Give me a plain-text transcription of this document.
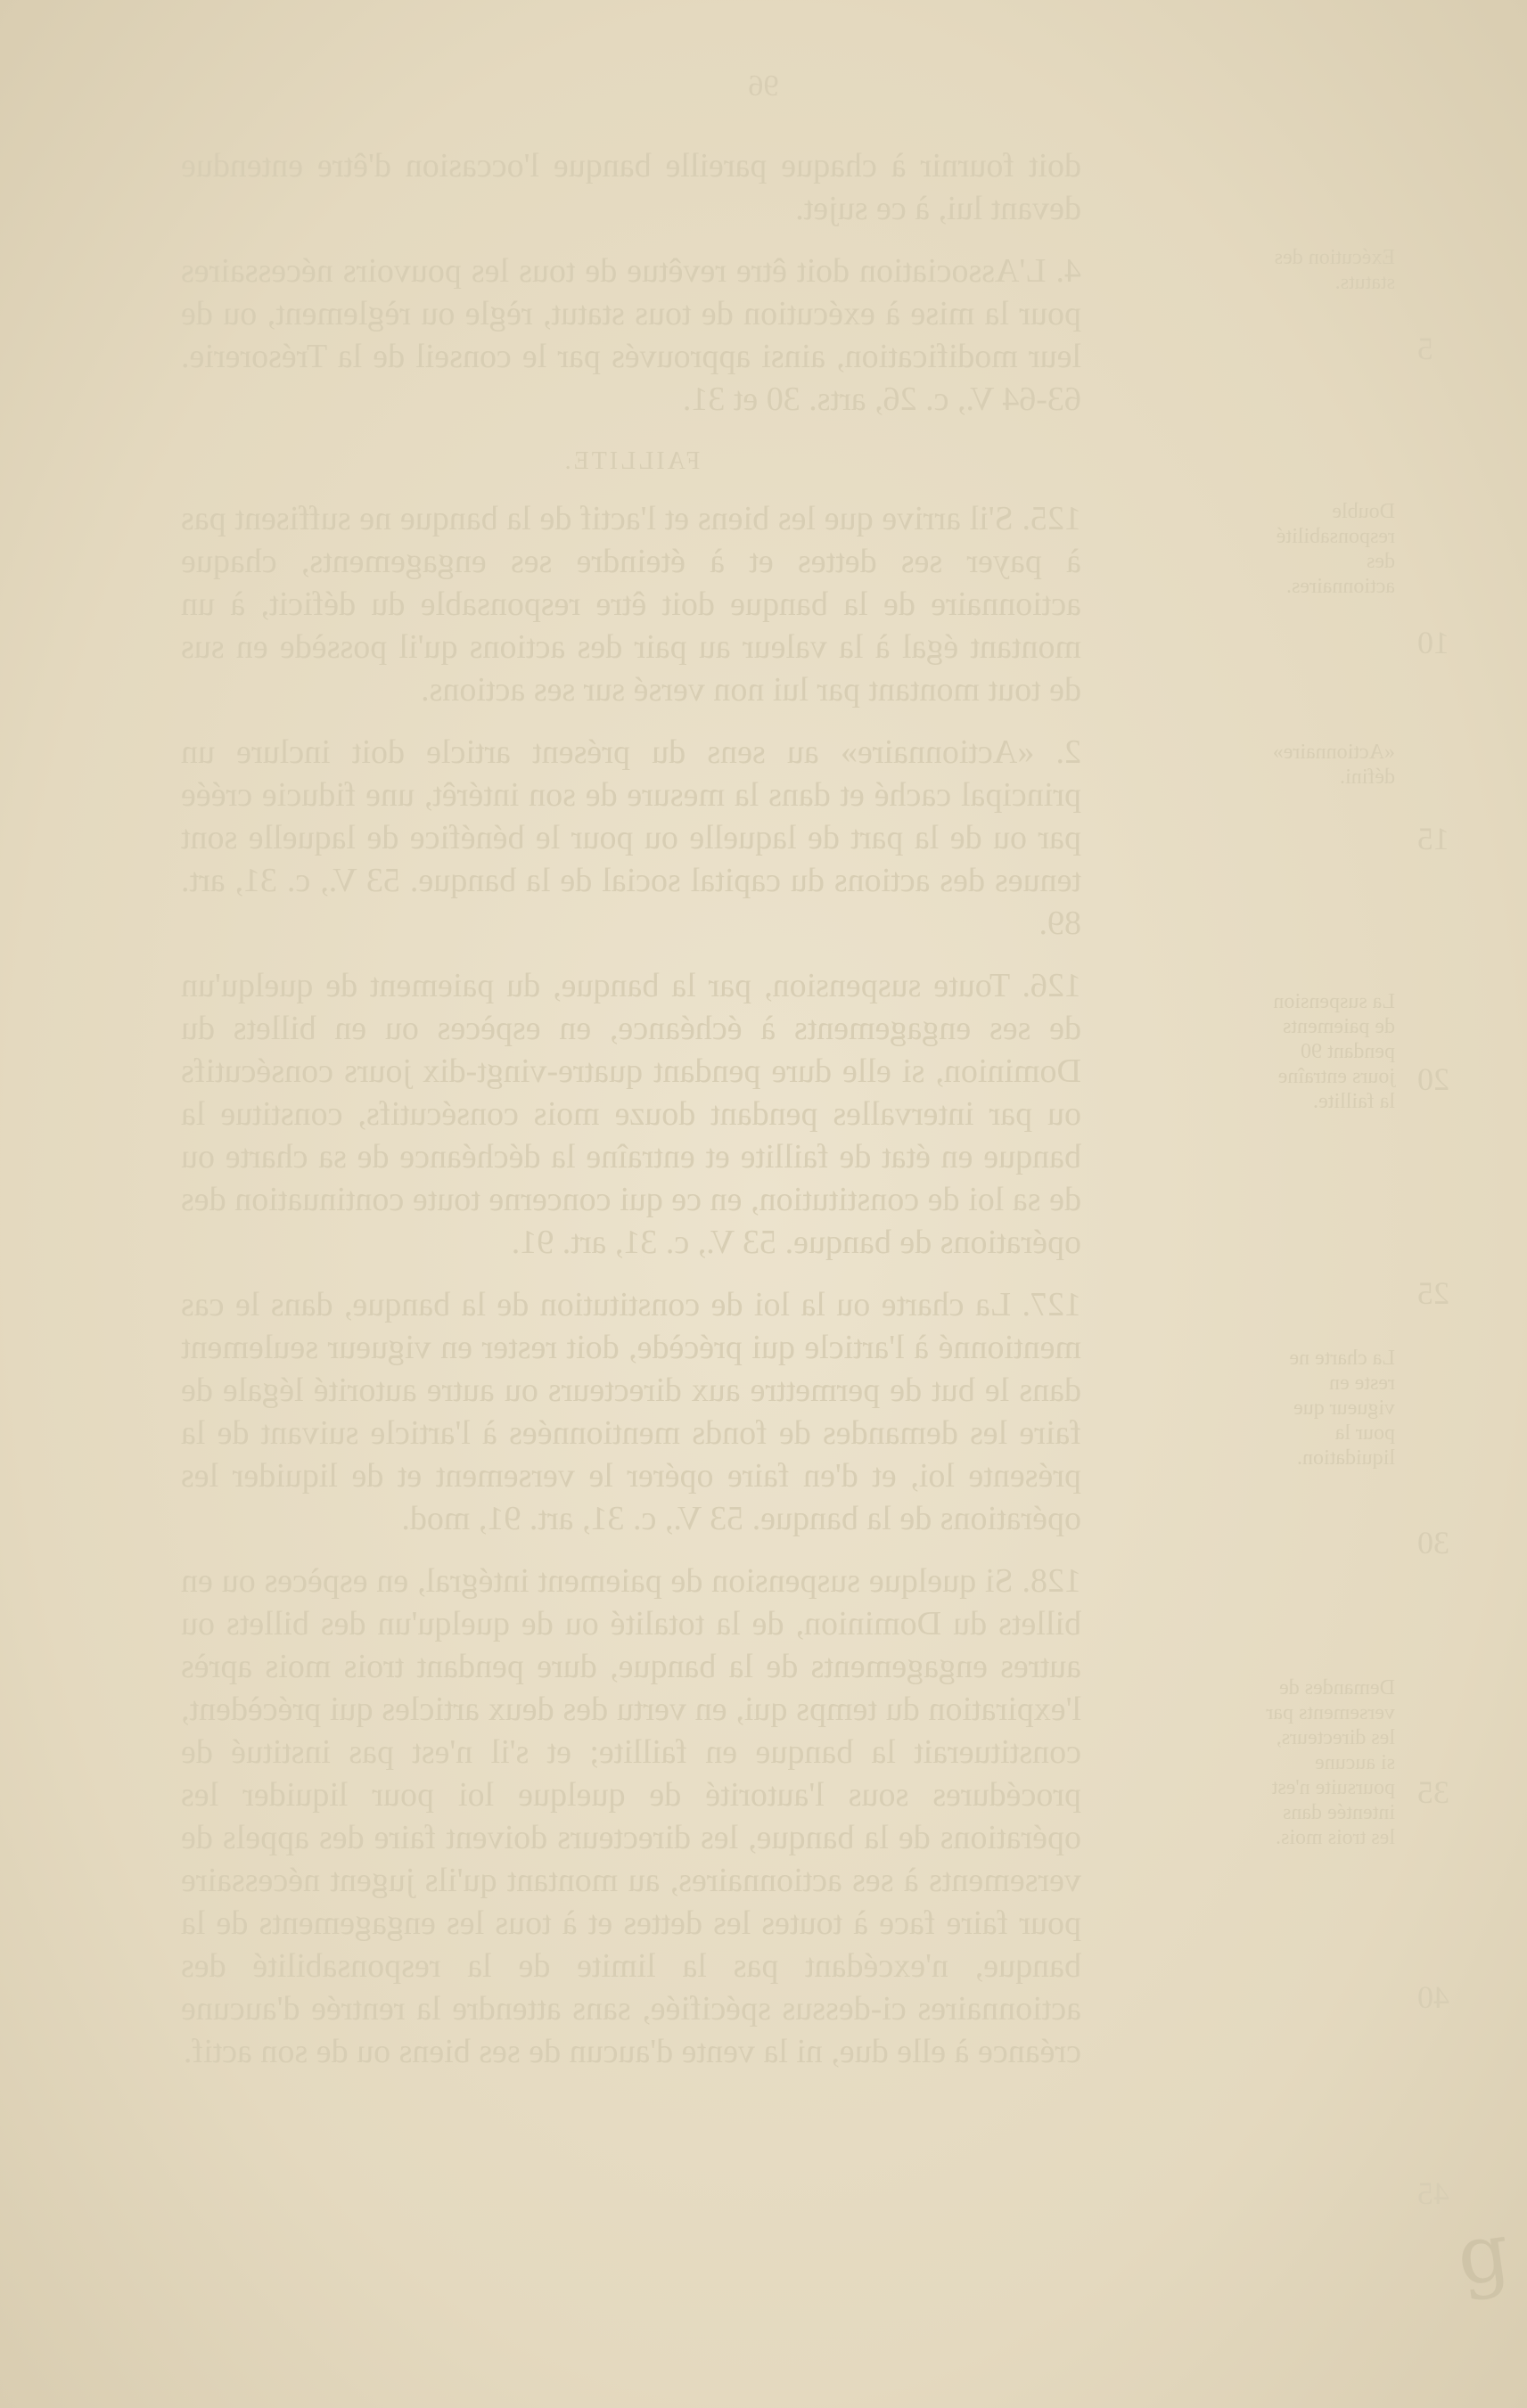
96

doit fournir à chaque pareille banque l'occasion d'être entendue devant lui, à ce sujet.

4. L'Association doit être revêtue de tous les pouvoirs nécessaires pour la mise à exécution de tous statut, règle ou règlement, ou de leur modification, ainsi approuvés par le conseil de la Trésorerie. 63-64 V., c. 26, arts. 30 et 31.

FAILLITE.

125. S'il arrive que les biens et l'actif de la banque ne suffisent pas à payer ses dettes et à éteindre ses engagements, chaque actionnaire de la banque doit être responsable du déficit, à un montant égal à la valeur au pair des actions qu'il possède en sus de tout montant par lui non versé sur ses actions.

2. «Actionnaire» au sens du présent article doit inclure un principal caché et dans la mesure de son intérêt, une fiducie créée par ou de la part de laquelle ou pour le bénéfice de laquelle sont tenues des actions du capital social de la banque. 53 V., c. 31, art. 89.

126. Toute suspension, par la banque, du paiement de quelqu'un de ses engagements à échéance, en espèces ou en billets du Dominion, si elle dure pendant quatre-vingt-dix jours consécutifs ou par intervalles pendant douze mois consécutifs, constitue la banque en état de faillite et entraîne la déchéance de sa charte ou de sa loi de constitution, en ce qui concerne toute continuation des opérations de banque. 53 V., c. 31, art. 91.

127. La charte ou la loi de constitution de la banque, dans le cas mentionné à l'article qui précède, doit rester en vigueur seulement dans le but de permettre aux directeurs ou autre autorité légale de faire les demandes de fonds mentionnées à l'article suivant de la présente loi, et d'en faire opérer le versement et de liquider les opérations de la banque. 53 V., c. 31, art. 91, mod.

128. Si quelque suspension de paiement intégral, en espèces ou en billets du Dominion, de la totalité ou de quelqu'un des billets ou autres engagements de la banque, dure pendant trois mois après l'expiration du temps qui, en vertu des deux articles qui précèdent, constituerait la banque en faillite; et s'il n'est pas institué de procédures sous l'autorité de quelque loi pour liquider les opérations de la banque, les directeurs doivent faire des appels de versements à ses actionnaires, au montant qu'ils jugent nécessaire pour faire face à toutes les dettes et à tous les engagements de la banque, n'excédant pas la limite de la responsabilité des actionnaires ci-dessus spécifiée, sans attendre la rentrée d'aucune créance à elle due, ni la vente d'aucun de ses biens ou de son actif.

Exécution des statuts.
Double responsabilité des actionnaires.
«Actionnaire» défini.
La suspension de paiements pendant 90 jours entraîne la faillite.
La charte ne reste en vigueur que pour la liquidation.
Demandes de versements par les directeurs, si aucune poursuite n'est intentée dans les trois mois.
5
10
15
20
25
30
35
40
45
g
